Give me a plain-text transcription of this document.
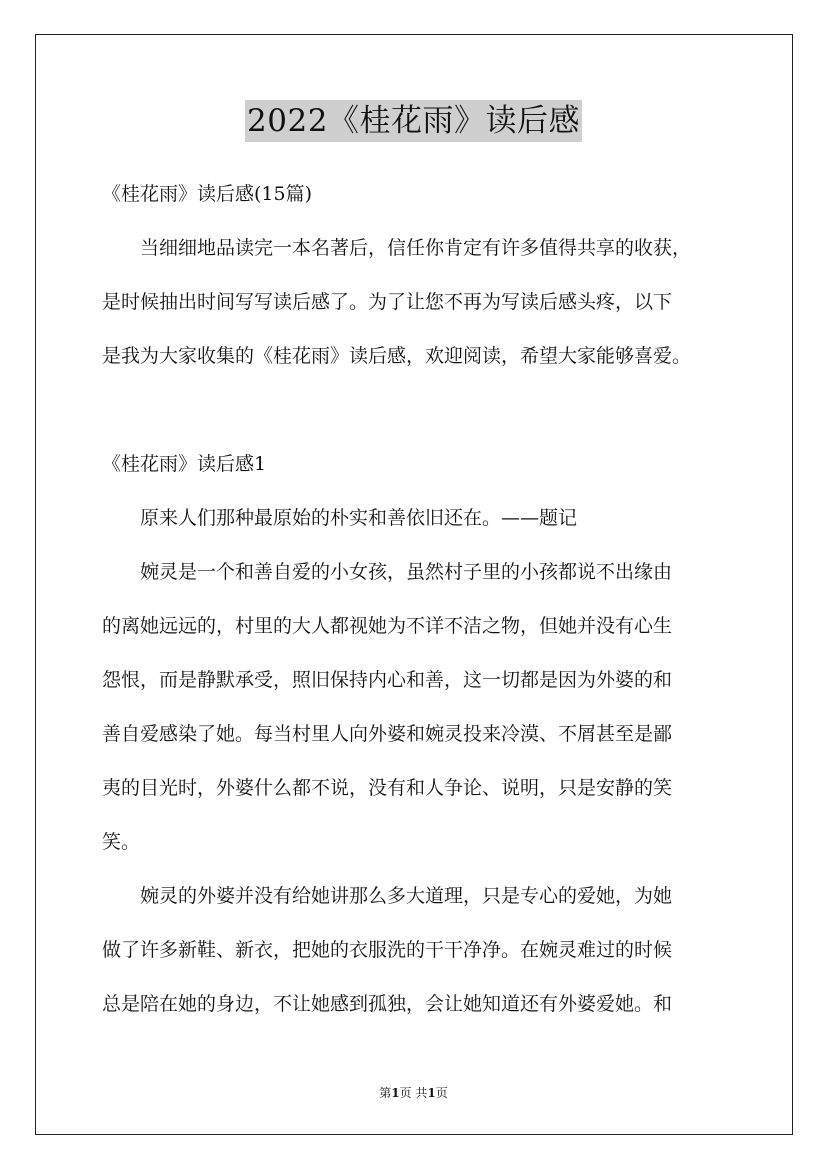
2022《桂花雨》读后感
《桂花雨》读后感(15篇)
当细细地品读完一本名著后，信任你肯定有许多值得共享的收获，
是时候抽出时间写写读后感了。为了让您不再为写读后感头疼，以下
是我为大家收集的《桂花雨》读后感，欢迎阅读，希望大家能够喜爱。
《桂花雨》读后感1
原来人们那种最原始的朴实和善依旧还在。——题记
婉灵是一个和善自爱的小女孩，虽然村子里的小孩都说不出缘由
的离她远远的，村里的大人都视她为不详不洁之物，但她并没有心生
怨恨，而是静默承受，照旧保持内心和善，这一切都是因为外婆的和
善自爱感染了她。每当村里人向外婆和婉灵投来冷漠、不屑甚至是鄙
夷的目光时，外婆什么都不说，没有和人争论、说明，只是安静的笑
笑。
婉灵的外婆并没有给她讲那么多大道理，只是专心的爱她，为她
做了许多新鞋、新衣，把她的衣服洗的干干净净。在婉灵难过的时候
总是陪在她的身边，不让她感到孤独，会让她知道还有外婆爱她。和
第1页 共1页
